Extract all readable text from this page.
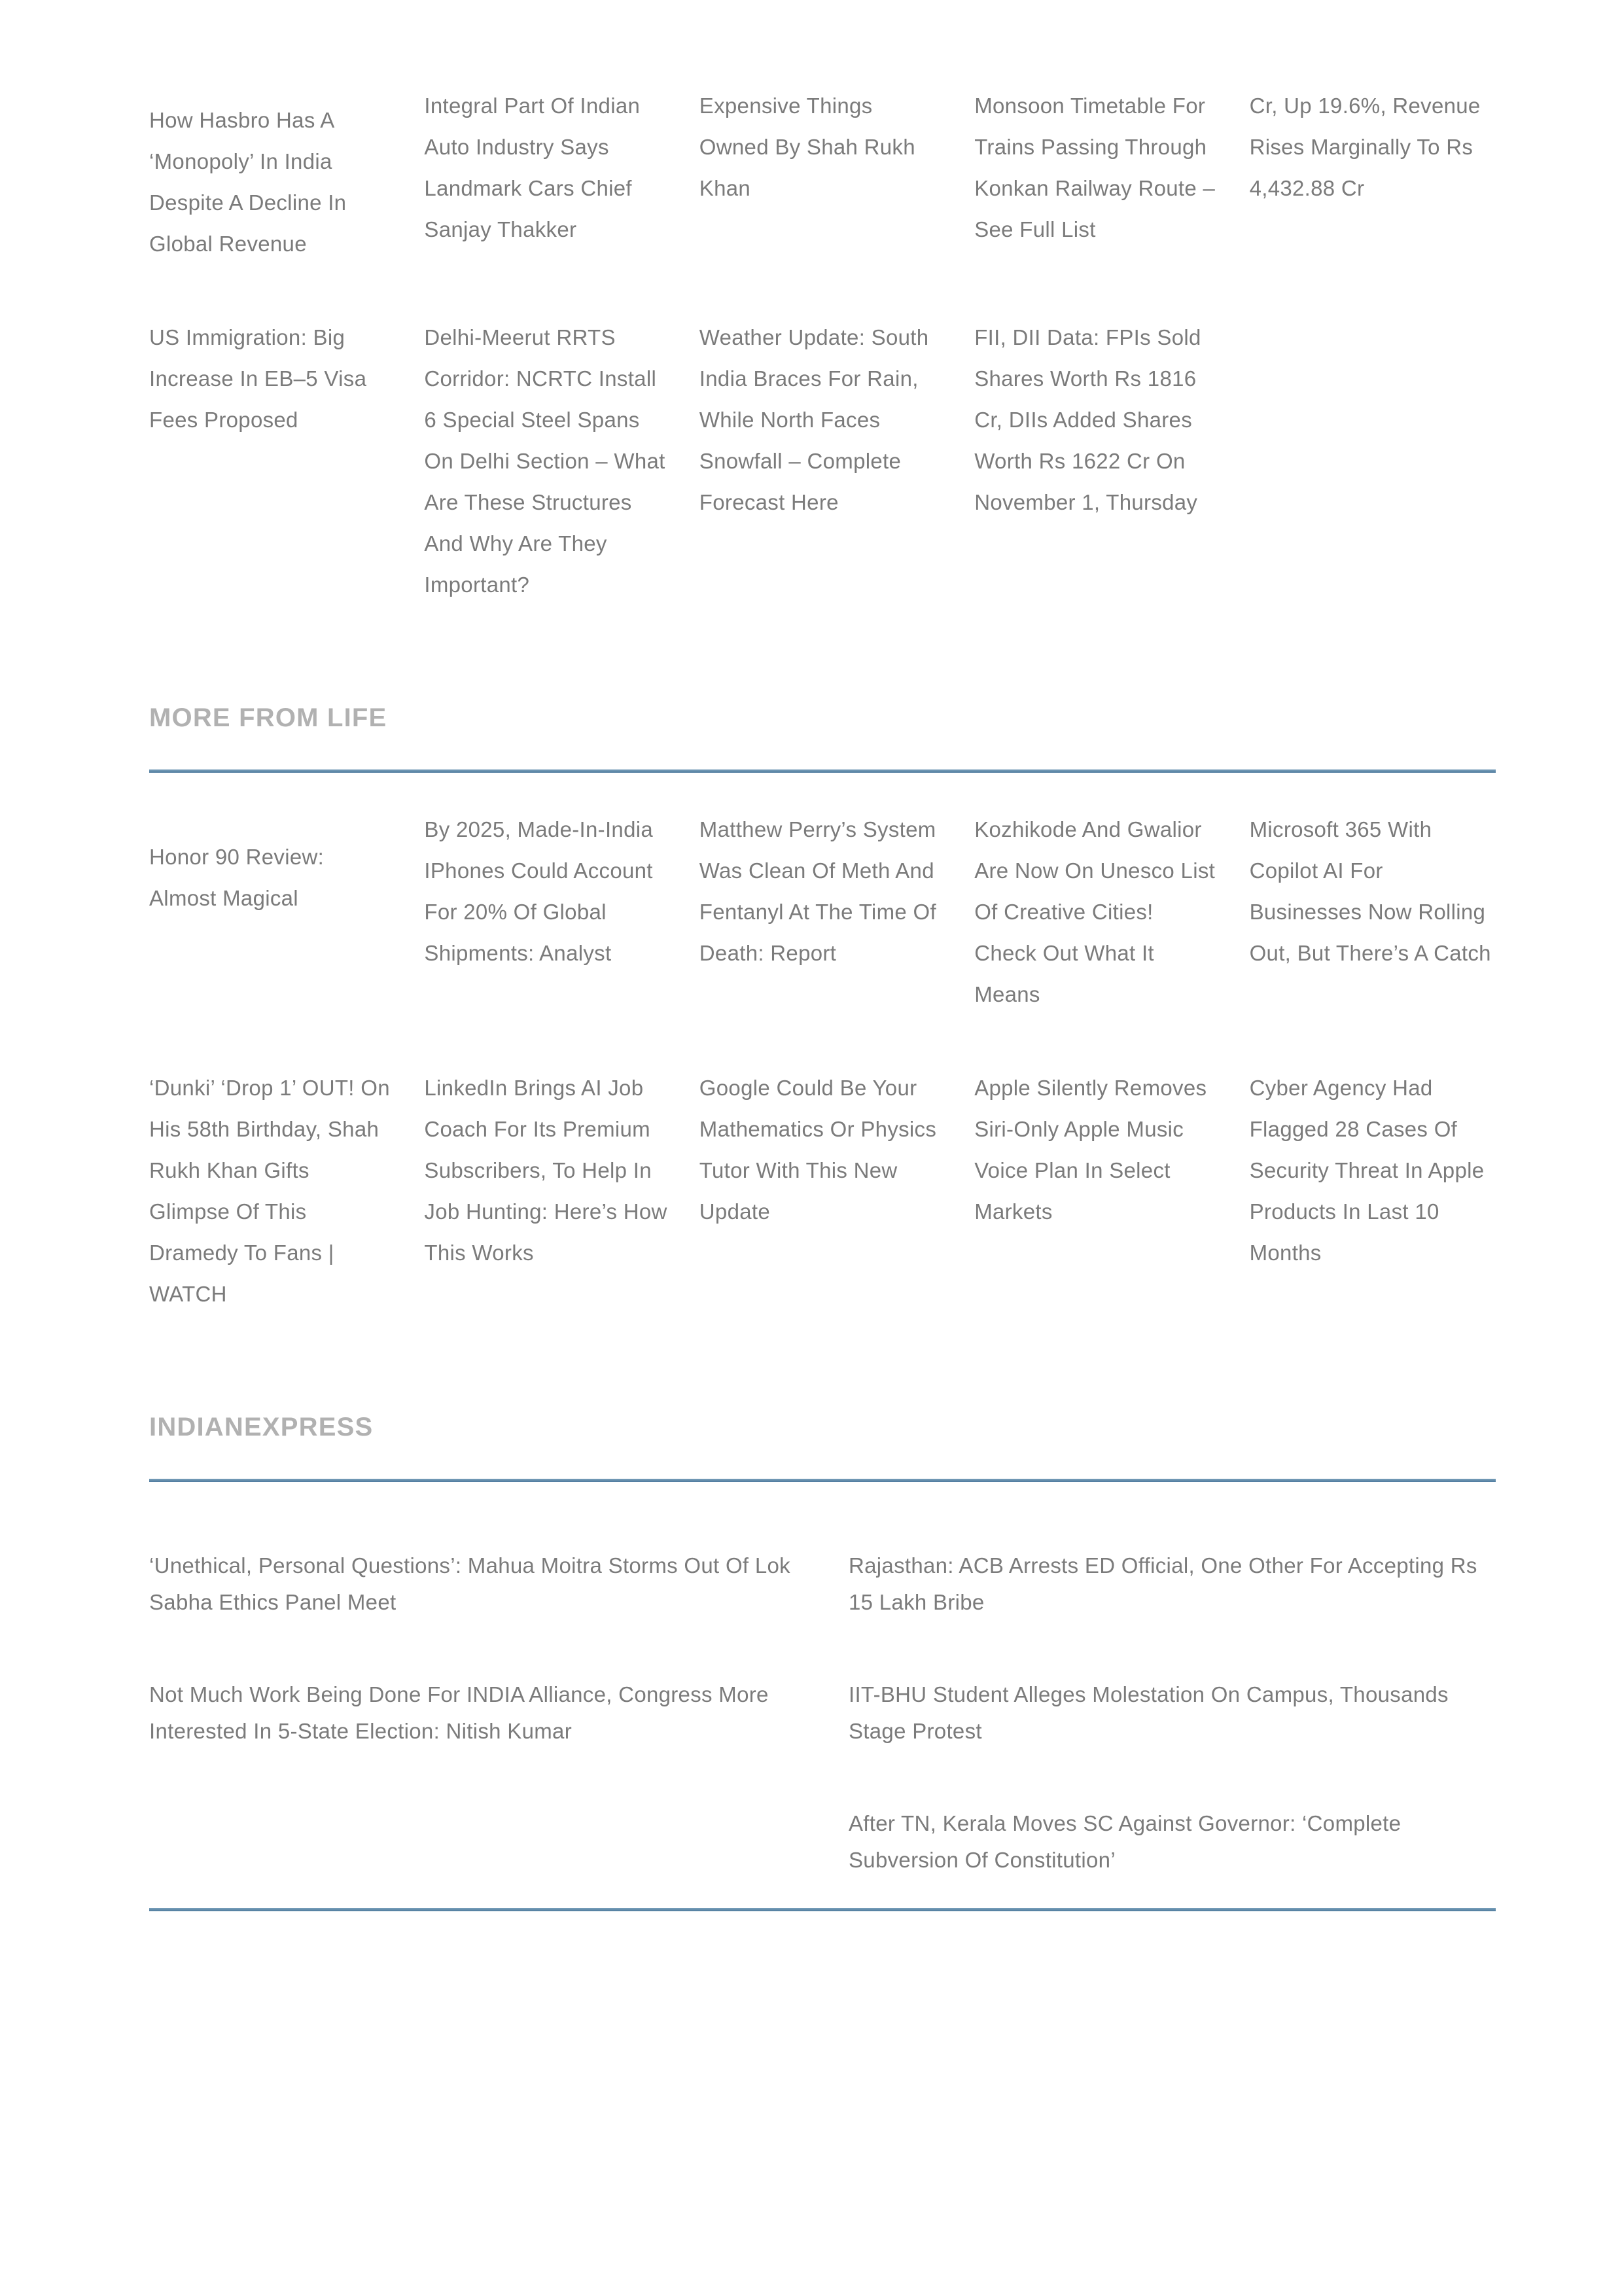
How Hasbro Has A ‘Monopoly’ In India Despite A Decline In Global Revenue
Integral Part Of Indian Auto Industry Says Landmark Cars Chief Sanjay Thakker
Expensive Things Owned By Shah Rukh Khan
Monsoon Timetable For Trains Passing Through Konkan Railway Route – See Full List
Cr, Up 19.6%, Revenue Rises Marginally To Rs 4,432.88 Cr
US Immigration: Big Increase In EB–5 Visa Fees Proposed
Delhi-Meerut RRTS Corridor: NCRTC Install 6 Special Steel Spans On Delhi Section – What Are These Structures And Why Are They Important?
Weather Update: South India Braces For Rain, While North Faces Snowfall – Complete Forecast Here
FII, DII Data: FPIs Sold Shares Worth Rs 1816 Cr, DIIs Added Shares Worth Rs 1622 Cr On November 1, Thursday
MORE FROM LIFE
Honor 90 Review: Almost Magical
By 2025, Made-In-India IPhones Could Account For 20% Of Global Shipments: Analyst
Matthew Perry’s System Was Clean Of Meth And Fentanyl At The Time Of Death: Report
Kozhikode And Gwalior Are Now On Unesco List Of Creative Cities! Check Out What It Means
Microsoft 365 With Copilot AI For Businesses Now Rolling Out, But There’s A Catch
‘Dunki’ ‘Drop 1’ OUT! On His 58th Birthday, Shah Rukh Khan Gifts Glimpse Of This Dramedy To Fans | WATCH
LinkedIn Brings AI Job Coach For Its Premium Subscribers, To Help In Job Hunting: Here’s How This Works
Google Could Be Your Mathematics Or Physics Tutor With This New Update
Apple Silently Removes Siri-Only Apple Music Voice Plan In Select Markets
Cyber Agency Had Flagged 28 Cases Of Security Threat In Apple Products In Last 10 Months
INDIANEXPRESS
‘Unethical, Personal Questions’: Mahua Moitra Storms Out Of Lok Sabha Ethics Panel Meet
Rajasthan: ACB Arrests ED Official, One Other For Accepting Rs 15 Lakh Bribe
Not Much Work Being Done For INDIA Alliance, Congress More Interested In 5-State Election: Nitish Kumar
IIT-BHU Student Alleges Molestation On Campus, Thousands Stage Protest
After TN, Kerala Moves SC Against Governor: ‘Complete Subversion Of Constitution’
